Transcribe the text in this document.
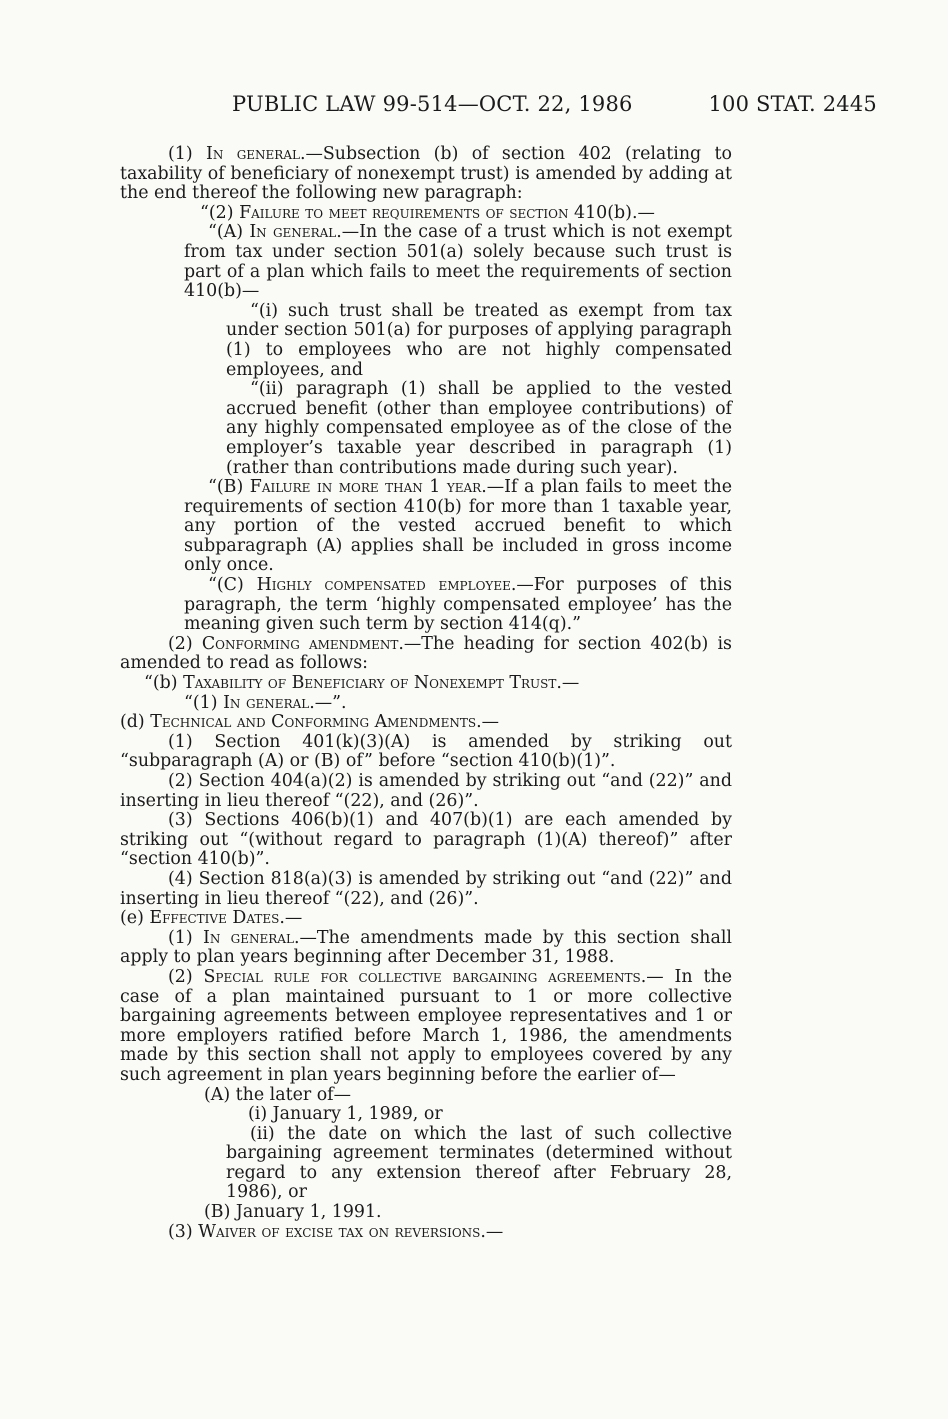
PUBLIC LAW 99-514—OCT. 22, 1986	100 STAT. 2445

(1) In general.—Subsection (b) of section 402 (relating to taxability of beneficiary of nonexempt trust) is amended by adding at the end thereof the following new paragraph:

“(2) Failure to meet requirements of section 410(b).—

“(A) In general.—In the case of a trust which is not exempt from tax under section 501(a) solely because such trust is part of a plan which fails to meet the requirements of section 410(b)—

“(i) such trust shall be treated as exempt from tax under section 501(a) for purposes of applying paragraph (1) to employees who are not highly compensated employees, and

“(ii) paragraph (1) shall be applied to the vested accrued benefit (other than employee contributions) of any highly compensated employee as of the close of the employer’s taxable year described in paragraph (1) (rather than contributions made during such year).

“(B) Failure in more than 1 year.—If a plan fails to meet the requirements of section 410(b) for more than 1 taxable year, any portion of the vested accrued benefit to which subparagraph (A) applies shall be included in gross income only once.

“(C) Highly compensated employee.—For purposes of this paragraph, the term ‘highly compensated employee’ has the meaning given such term by section 414(q).”

(2) Conforming amendment.—The heading for section 402(b) is amended to read as follows:

“(b) Taxability of Beneficiary of Nonexempt Trust.—

“(1) In general.—”.

(d) Technical and Conforming Amendments.—

(1) Section 401(k)(3)(A) is amended by striking out “subparagraph (A) or (B) of” before “section 410(b)(1)”.

(2) Section 404(a)(2) is amended by striking out “and (22)” and inserting in lieu thereof “(22), and (26)”.

(3) Sections 406(b)(1) and 407(b)(1) are each amended by striking out “(without regard to paragraph (1)(A) thereof)” after “section 410(b)”.

(4) Section 818(a)(3) is amended by striking out “and (22)” and inserting in lieu thereof “(22), and (26)”.

(e) Effective Dates.—

(1) In general.—The amendments made by this section shall apply to plan years beginning after December 31, 1988.

(2) Special rule for collective bargaining agreements.— In the case of a plan maintained pursuant to 1 or more collective bargaining agreements between employee representatives and 1 or more employers ratified before March 1, 1986, the amendments made by this section shall not apply to employees covered by any such agreement in plan years beginning before the earlier of—

(A) the later of—

(i) January 1, 1989, or

(ii) the date on which the last of such collective bargaining agreement terminates (determined without regard to any extension thereof after February 28, 1986), or

(B) January 1, 1991.

(3) Waiver of excise tax on reversions.—
